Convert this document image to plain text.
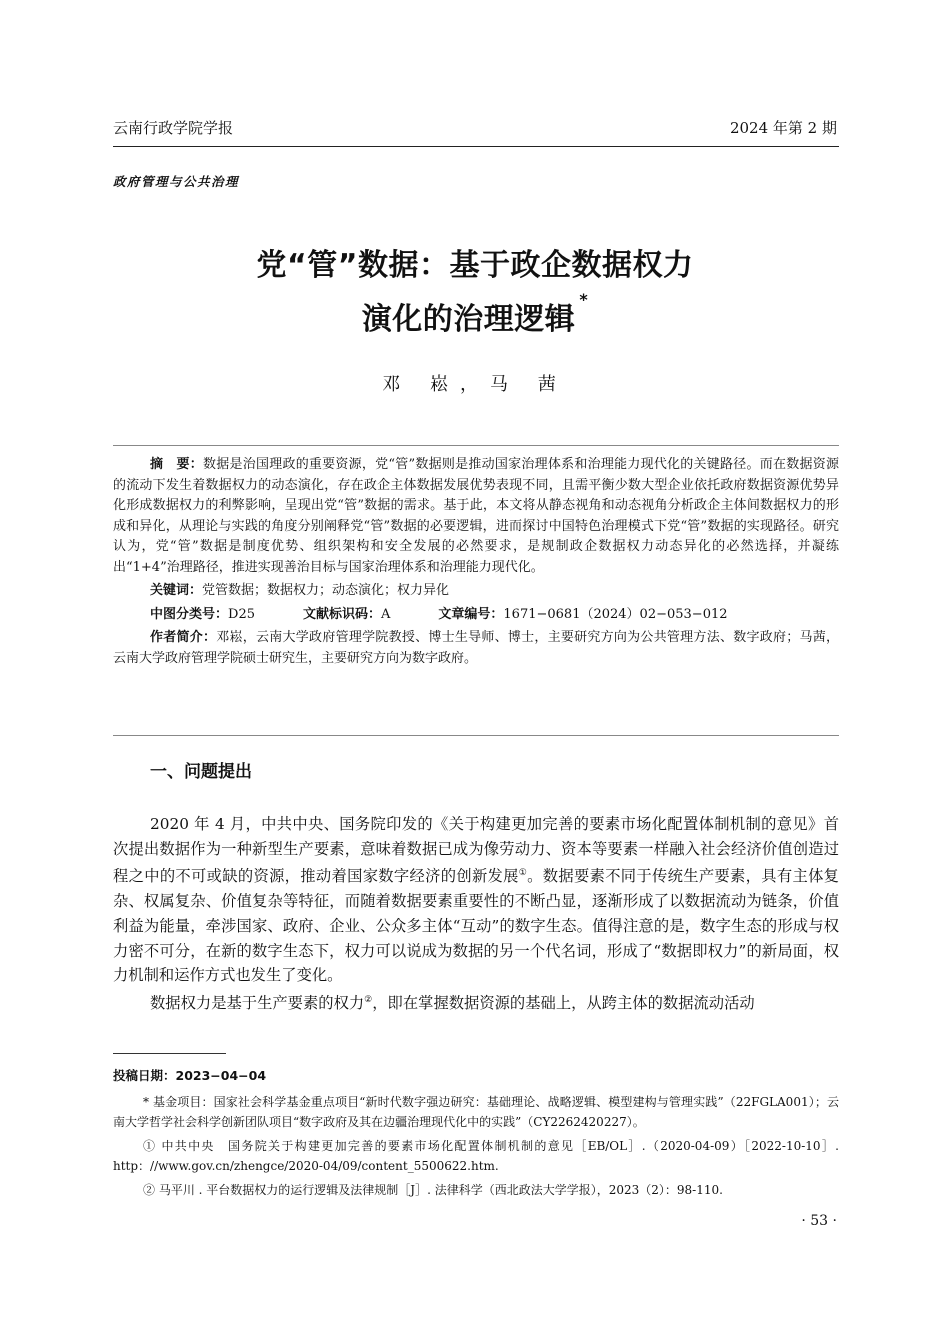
云南行政学院学报	2024 年第 2 期
政府管理与公共治理
党“管”数据：基于政企数据权力
演化的治理逻辑*
邓 崧，马 茜

摘　要：数据是治国理政的重要资源，党“管”数据则是推动国家治理体系和治理能力现代化的关键路径。而在数据资源的流动下发生着数据权力的动态演化，存在政企主体数据发展优势表现不同，且需平衡少数大型企业依托政府数据资源优势异化形成数据权力的利弊影响，呈现出党“管”数据的需求。基于此，本文将从静态视角和动态视角分析政企主体间数据权力的形成和异化，从理论与实践的角度分别阐释党“管”数据的必要逻辑，进而探讨中国特色治理模式下党“管”数据的实现路径。研究认为，党“管”数据是制度优势、组织架构和安全发展的必然要求，是规制政企数据权力动态异化的必然选择，并凝练出“1+4”治理路径，推进实现善治目标与国家治理体系和治理能力现代化。

关键词：党管数据；数据权力；动态演化；权力异化

中图分类号：D25	文献标识码：A	文章编号：1671−0681（2024）02−053−012

作者简介：邓崧，云南大学政府管理学院教授、博士生导师、博士，主要研究方向为公共管理方法、数字政府；马茜，云南大学政府管理学院硕士研究生，主要研究方向为数字政府。

一、问题提出

2020 年 4 月，中共中央、国务院印发的《关于构建更加完善的要素市场化配置体制机制的意见》首次提出数据作为一种新型生产要素，意味着数据已成为像劳动力、资本等要素一样融入社会经济价值创造过程之中的不可或缺的资源，推动着国家数字经济的创新发展①。数据要素不同于传统生产要素，具有主体复杂、权属复杂、价值复杂等特征，而随着数据要素重要性的不断凸显，逐渐形成了以数据流动为链条，价值利益为能量，牵涉国家、政府、企业、公众多主体“互动”的数字生态。值得注意的是，数字生态的形成与权力密不可分，在新的数字生态下，权力可以说成为数据的另一个代名词，形成了“数据即权力”的新局面，权力机制和运作方式也发生了变化。

数据权力是基于生产要素的权力②，即在掌握数据资源的基础上，从跨主体的数据流动活动

投稿日期：2023−04−04

* 基金项目：国家社会科学基金重点项目“新时代数字强边研究：基础理论、战略逻辑、模型建构与管理实践”（22FGLA001）；云南大学哲学社会科学创新团队项目“数字政府及其在边疆治理现代化中的实践”（CY2262420227）。

① 中共中央　国务院关于构建更加完善的要素市场化配置体制机制的意见［EB/OL］.（2020-04-09）［2022-10-10］. http：//www.gov.cn/zhengce/2020-04/09/content_5500622.htm.

② 马平川 . 平台数据权力的运行逻辑及法律规制［J］. 法律科学（西北政法大学学报），2023（2）：98-110.

· 53 ·
